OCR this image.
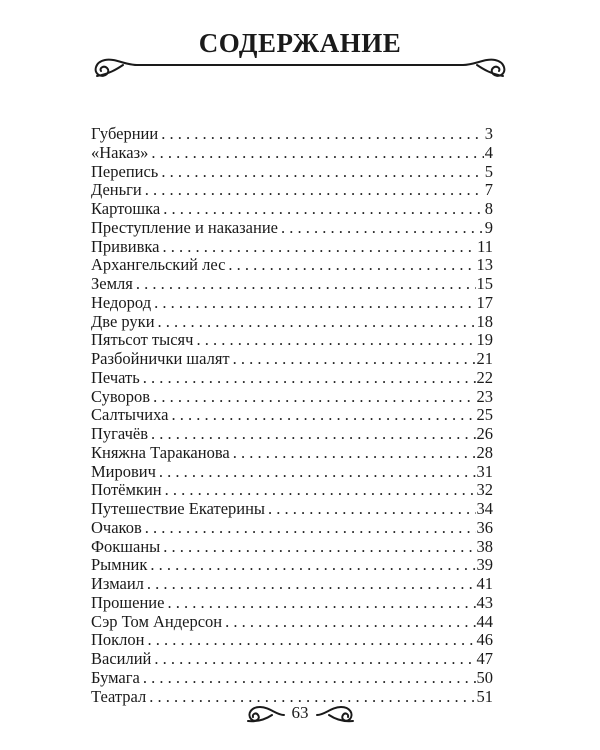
СОДЕРЖАНИЕ
Губернии . . .	3
«Наказ» . . .	4
Перепись . . .	5
Деньги . . .	7
Картошка . . .	8
Преступление и наказание . . .	9
Прививка . . .	11
Архангельский лес . . .	13
Земля . . .	15
Недород . . .	17
Две руки . . .	18
Пятьсот тысяч . . .	19
Разбойнички шалят . . .	21
Печать . . .	22
Суворов . . .	23
Салтычиха . . .	25
Пугачёв . . .	26
Княжна Тараканова . . .	28
Мирович . . .	31
Потёмкин . . .	32
Путешествие Екатерины . . .	34
Очаков . . .	36
Фокшаны . . .	38
Рымник . . .	39
Измаил . . .	41
Прошение . . .	43
Сэр Том Андерсон . . .	44
Поклон . . .	46
Василий . . .	47
Бумага . . .	50
Театрал . . .	51
63
